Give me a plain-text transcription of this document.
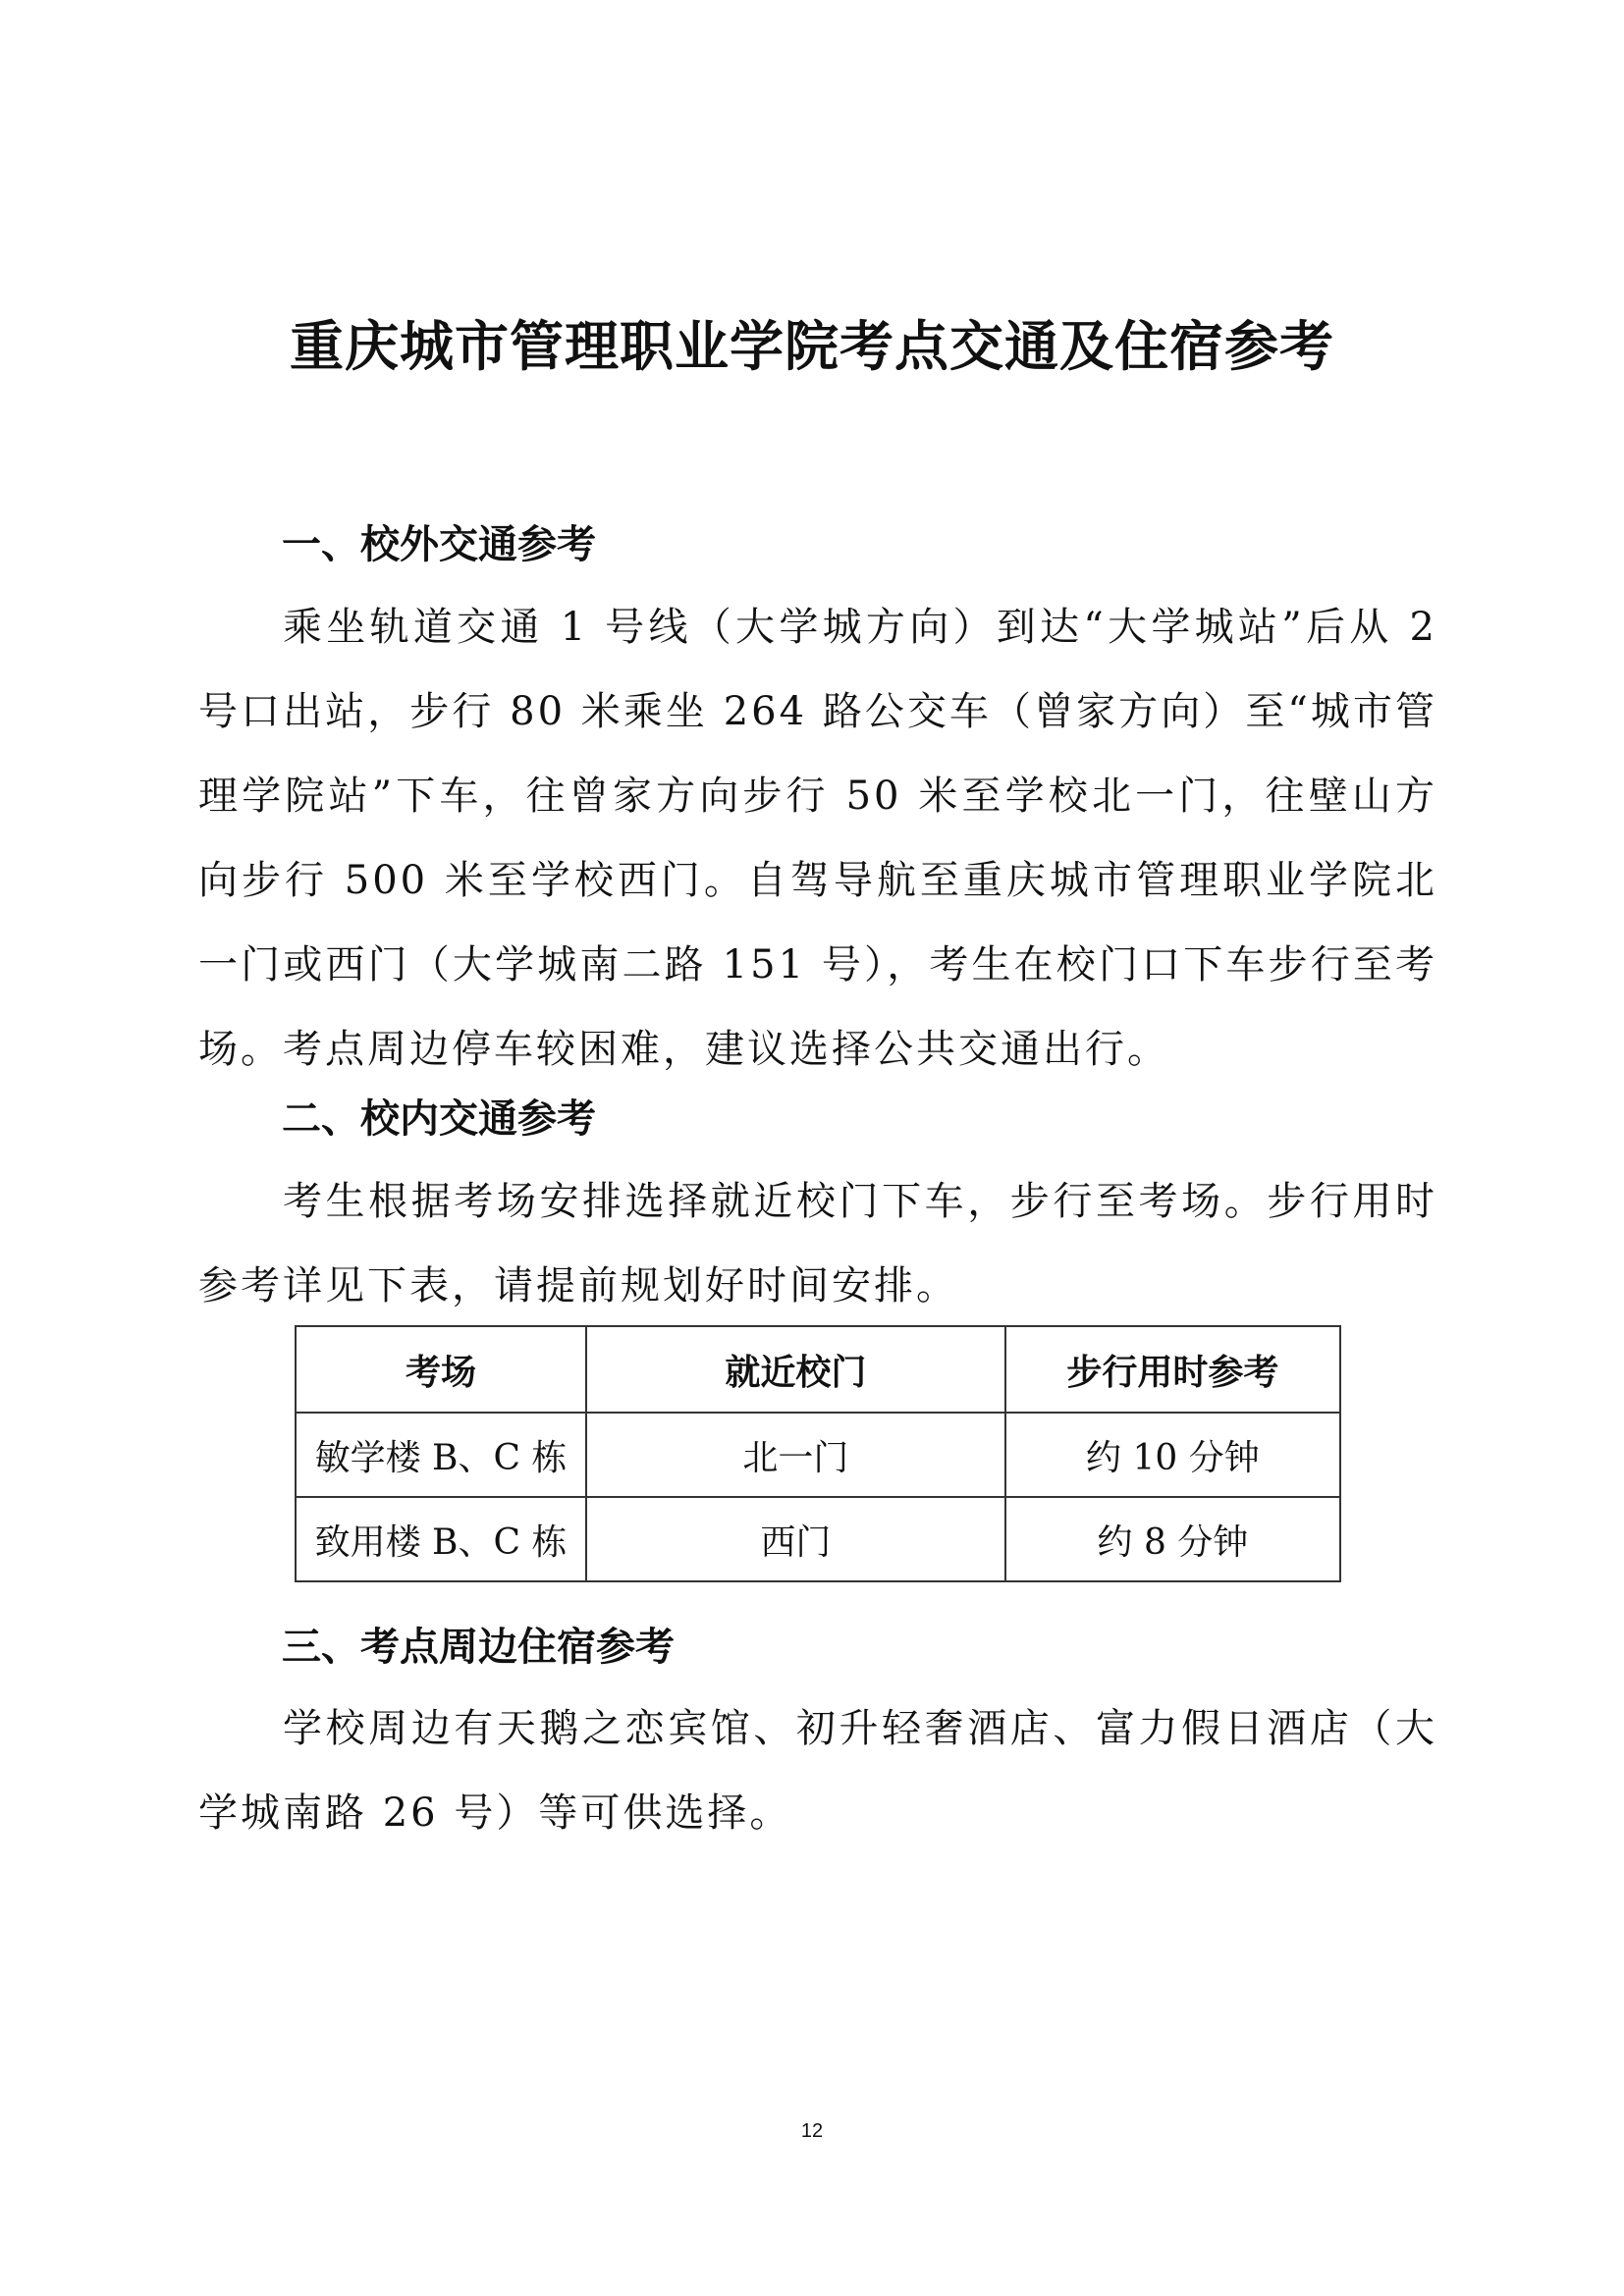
重庆城市管理职业学院考点交通及住宿参考
一、校外交通参考

乘坐轨道交通 1 号线（大学城方向）到达“大学城站”后从 2 号口出站，步行 80 米乘坐 264 路公交车（曾家方向）至“城市管理学院站”下车，往曾家方向步行 50 米至学校北一门，往壁山方向步行 500 米至学校西门。自驾导航至重庆城市管理职业学院北一门或西门（大学城南二路 151 号），考生在校门口下车步行至考场。考点周边停车较困难，建议选择公共交通出行。

二、校内交通参考

考生根据考场安排选择就近校门下车，步行至考场。步行用时参考详见下表，请提前规划好时间安排。

考场	就近校门	步行用时参考
敏学楼 B、C 栋	北一门	约 10 分钟
致用楼 B、C 栋	西门	约 8 分钟
三、考点周边住宿参考

学校周边有天鹅之恋宾馆、初升轻奢酒店、富力假日酒店（大学城南路 26 号）等可供选择。

12
